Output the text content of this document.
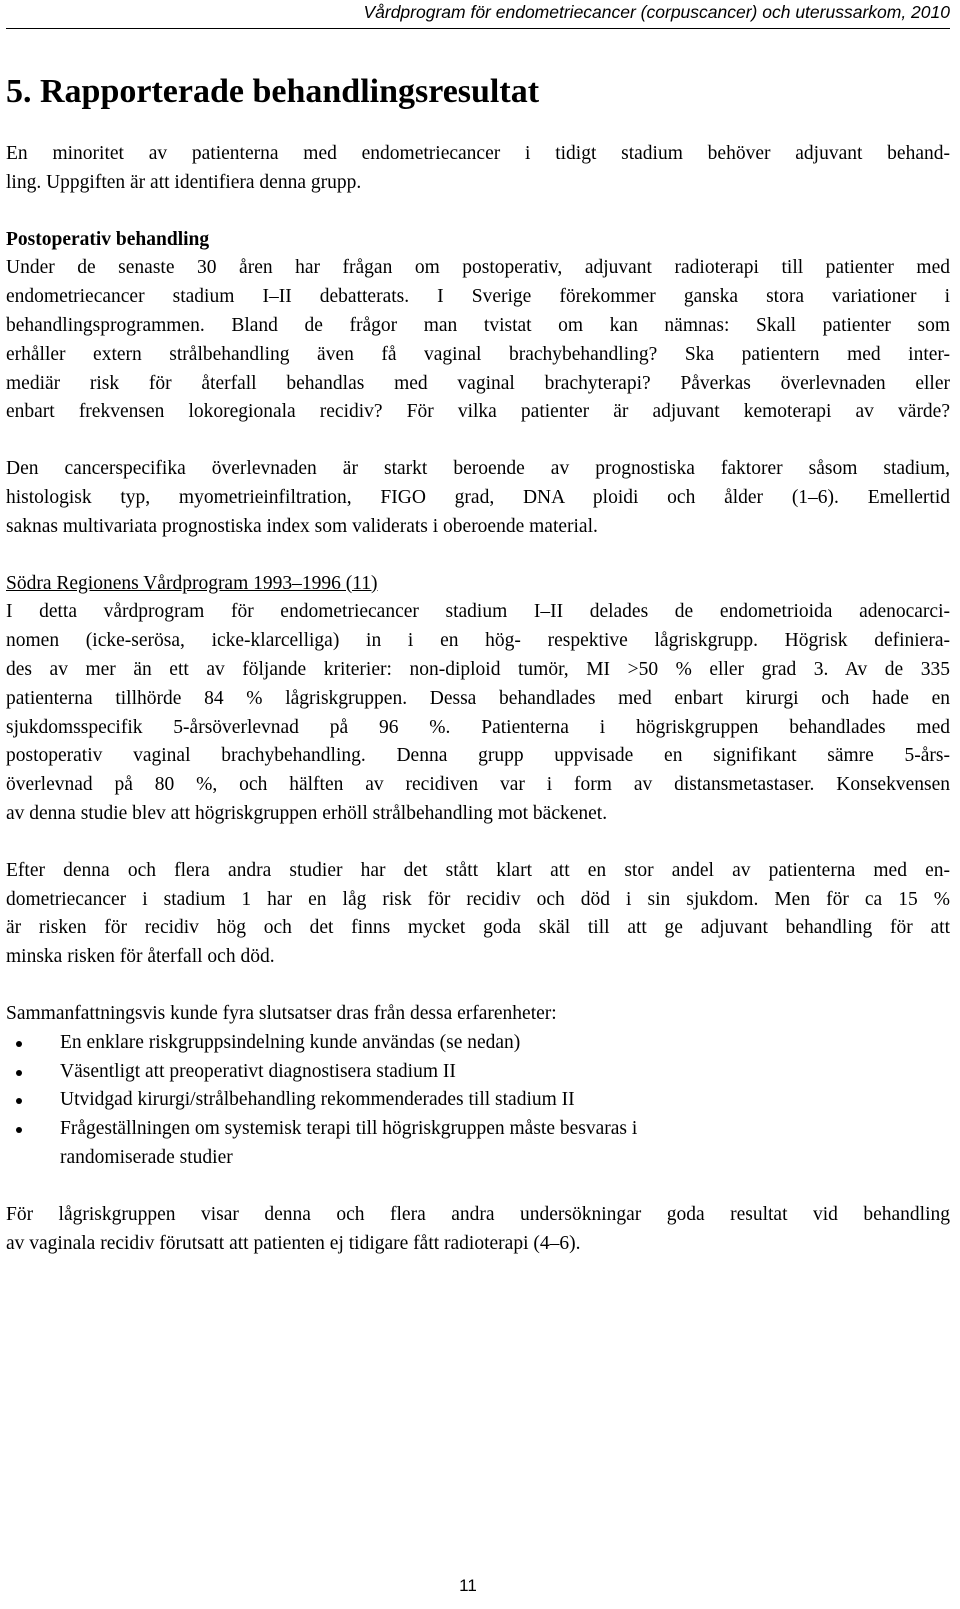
Vårdprogram för endometriecancer (corpuscancer) och uterussarkom, 2010
5. Rapporterade behandlingsresultat

En minoritet av patienterna med endometriecancer i tidigt stadium behöver adjuvant behand-
ling. Uppgiften är att identifiera denna grupp.

Postoperativ behandling
Under de senaste 30 åren har frågan om postoperativ, adjuvant radioterapi till patienter med
endometriecancer stadium I–II debatterats. I Sverige förekommer ganska stora variationer i
behandlingsprogrammen. Bland de frågor man tvistat om kan nämnas: Skall patienter som
erhåller extern strålbehandling även få vaginal brachybehandling? Ska patientern med inter-
mediär risk för återfall behandlas med vaginal brachyterapi? Påverkas överlevnaden eller
enbart frekvensen lokoregionala recidiv? För vilka patienter är adjuvant kemoterapi av värde?

Den cancerspecifika överlevnaden är starkt beroende av prognostiska faktorer såsom stadium,
histologisk typ, myometrieinfiltration, FIGO grad, DNA ploidi och ålder (1–6). Emellertid
saknas multivariata prognostiska index som validerats i oberoende material.

Södra Regionens Vårdprogram 1993–1996 (11)
I detta vårdprogram för endometriecancer stadium I–II delades de endometrioida adenocarci-
nomen (icke-serösa, icke-klarcelliga) in i en hög- respektive lågriskgrupp. Högrisk definiera-
des av mer än ett av följande kriterier: non-diploid tumör, MI >50 % eller grad 3. Av de 335
patienterna tillhörde 84 % lågriskgruppen. Dessa behandlades med enbart kirurgi och hade en
sjukdomsspecifik 5-årsöverlevnad på 96 %. Patienterna i högriskgruppen behandlades med
postoperativ vaginal brachybehandling. Denna grupp uppvisade en signifikant sämre 5-års-
överlevnad på 80 %, och hälften av recidiven var i form av distansmetastaser. Konsekvensen
av denna studie blev att högriskgruppen erhöll strålbehandling mot bäckenet.

Efter denna och flera andra studier har det stått klart att en stor andel av patienterna med en-
dometriecancer i stadium 1 har en låg risk för recidiv och död i sin sjukdom. Men för ca 15 %
är risken för recidiv hög och det finns mycket goda skäl till att ge adjuvant behandling för att
minska risken för återfall och död.

Sammanfattningsvis kunde fyra slutsatser dras från dessa erfarenheter:

En enklare riskgruppsindelning kunde användas (se nedan)
Väsentligt att preoperativt diagnostisera stadium II
Utvidgad kirurgi/strålbehandling rekommenderades till stadium II
Frågeställningen om systemisk terapi till högriskgruppen måste besvaras i
randomiserade studier

För lågriskgruppen visar denna och flera andra undersökningar goda resultat vid behandling
av vaginala recidiv förutsatt att patienten ej tidigare fått radioterapi (4–6).

11
